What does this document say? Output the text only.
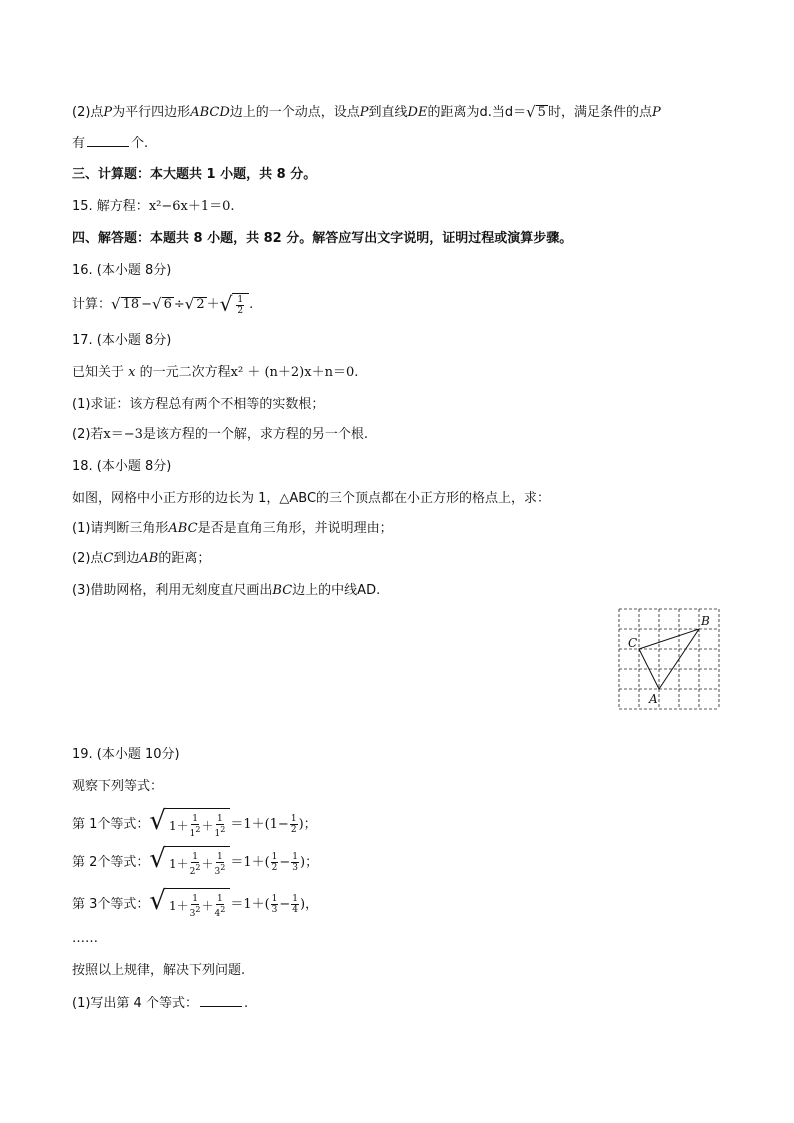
(2)点P为平行四边形ABCD边上的一个动点，设点P到直线DE的距离为d.当d＝ √ 5 时，满足条件的点P
有	个.
三、计算题：本大题共 1 小题，共 8 分。
15. 解方程：x²−6x＋1＝0.
四、解答题：本题共 8 小题，共 82 分。解答应写出文字说明，证明过程或演算步骤。
16. (本小题 8分)
计算： √ 18 − √ 6 ÷ √ 2 ＋ √ $\frac{1}{2}$ .
17. (本小题 8分)
已知关于 x 的一元二次方程x² ＋ (n＋2)x＋n＝0.
(1)求证：该方程总有两个不相等的实数根；
(2)若x＝−3是该方程的一个解，求方程的另一个根.
18. (本小题 8分)
如图，网格中小正方形的边长为 1，△ABC的三个顶点都在小正方形的格点上，求：
(1)请判断三角形ABC是否是直角三角形，并说明理由；
(2)点C到边AB的距离；
(3)借助网格，利用无刻度直尺画出BC边上的中线AD.
B
C
A
19. (本小题 10分)
观察下列等式：
第 1个等式： √ $1 + \frac{1}{1^2} + \frac{1}{1^2} =1+(1- \frac{1}{2}$ )；
第 2个等式： √ $1 + \frac{1}{2^2} + \frac{1}{3^2} =1+( \frac{1}{2} - \frac{1}{3}$ )；
第 3个等式： √ $1 + \frac{1}{3^2} + \frac{1}{4^2} =1+( \frac{1}{3} - \frac{1}{4}$ )，
……
按照以上规律，解决下列问题.
(1)写出第 4 个等式：	.
